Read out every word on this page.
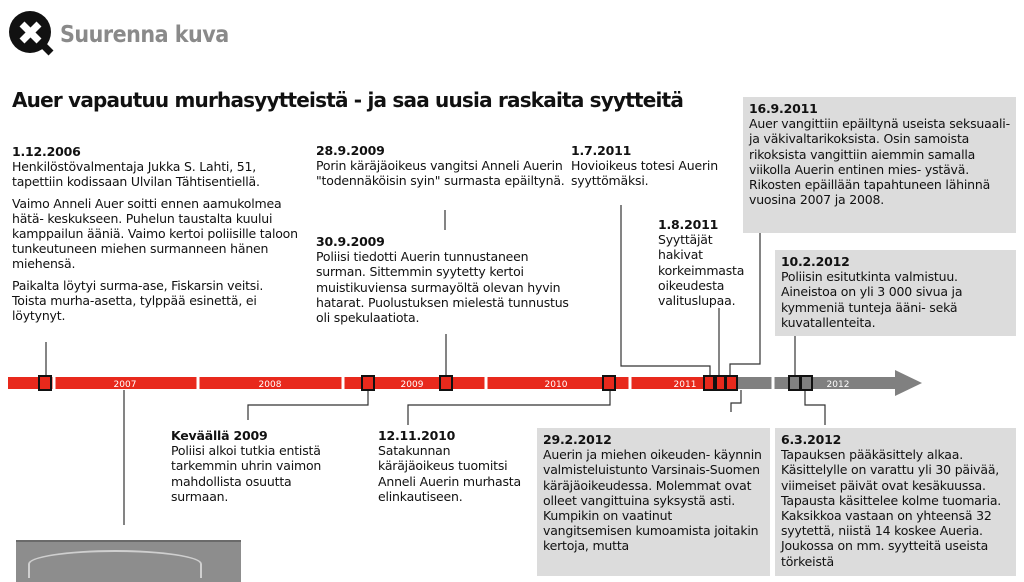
Suurenna kuva
Auer vapautuu murhasyytteistä - ja saa uusia raskaita syytteitä
2007	2008	2009	2010	2011	2012
1.12.2006

Henkilöstövalmentaja Jukka S. Lahti, 51, tapettiin kodissaan Ulvilan Tähtisentiellä.

Vaimo Anneli Auer soitti ennen aamukolmea hätä- keskukseen. Puhelun taustalta kuului kamppailun ääniä. Vaimo kertoi poliisille taloon tunkeutuneen miehen surmanneen hänen miehensä.

Paikalta löytyi surma-ase, Fiskarsin veitsi. Toista murha-asetta, tylppää esinettä, ei löytynyt.

28.9.2009

Porin käräjäoikeus vangitsi Anneli Auerin "todennäköisin syin" surmasta epäiltynä.

30.9.2009

Poliisi tiedotti Auerin tunnustaneen surman. Sittemmin syytetty kertoi muistikuviensa surmayöltä olevan hyvin hatarat. Puolustuksen mielestä tunnustus oli spekulaatiota.

1.7.2011

Hovioikeus totesi Auerin syyttömäksi.

1.8.2011

Syyttäjät hakivat korkeimmasta oikeudesta valituslupaa.

16.9.2011

Auer vangittiin epäiltynä useista seksuaali- ja väkivaltarikoksista. Osin samoista rikoksista vangittiin aiemmin samalla viikolla Auerin entinen mies- ystävä. Rikosten epäillään tapahtuneen lähinnä vuosina 2007 ja 2008.

10.2.2012

Poliisin esitutkinta valmistuu. Aineistoa on yli 3 000 sivua ja kymmeniä tunteja ääni- sekä kuvatallenteita.

Keväällä 2009

Poliisi alkoi tutkia entistä tarkemmin uhrin vaimon mahdollista osuutta surmaan.

12.11.2010

Satakunnan käräjäoikeus tuomitsi Anneli Auerin murhasta elinkautiseen.

29.2.2012

Auerin ja miehen oikeuden- käynnin valmisteluistunto Varsinais-Suomen käräjäoikeudessa. Molemmat ovat olleet vangittuina syksystä asti. Kumpikin on vaatinut vangitsemisen kumoamista joitakin kertoja, mutta

6.3.2012

Tapauksen pääkäsittely alkaa. Käsittelylle on varattu yli 30 päivää, viimeiset päivät ovat kesäkuussa. Tapausta käsittelee kolme tuomaria. Kaksikkoa vastaan on yhteensä 32 syytettä, niistä 14 koskee Aueria. Joukossa on mm. syytteitä useista törkeistä
